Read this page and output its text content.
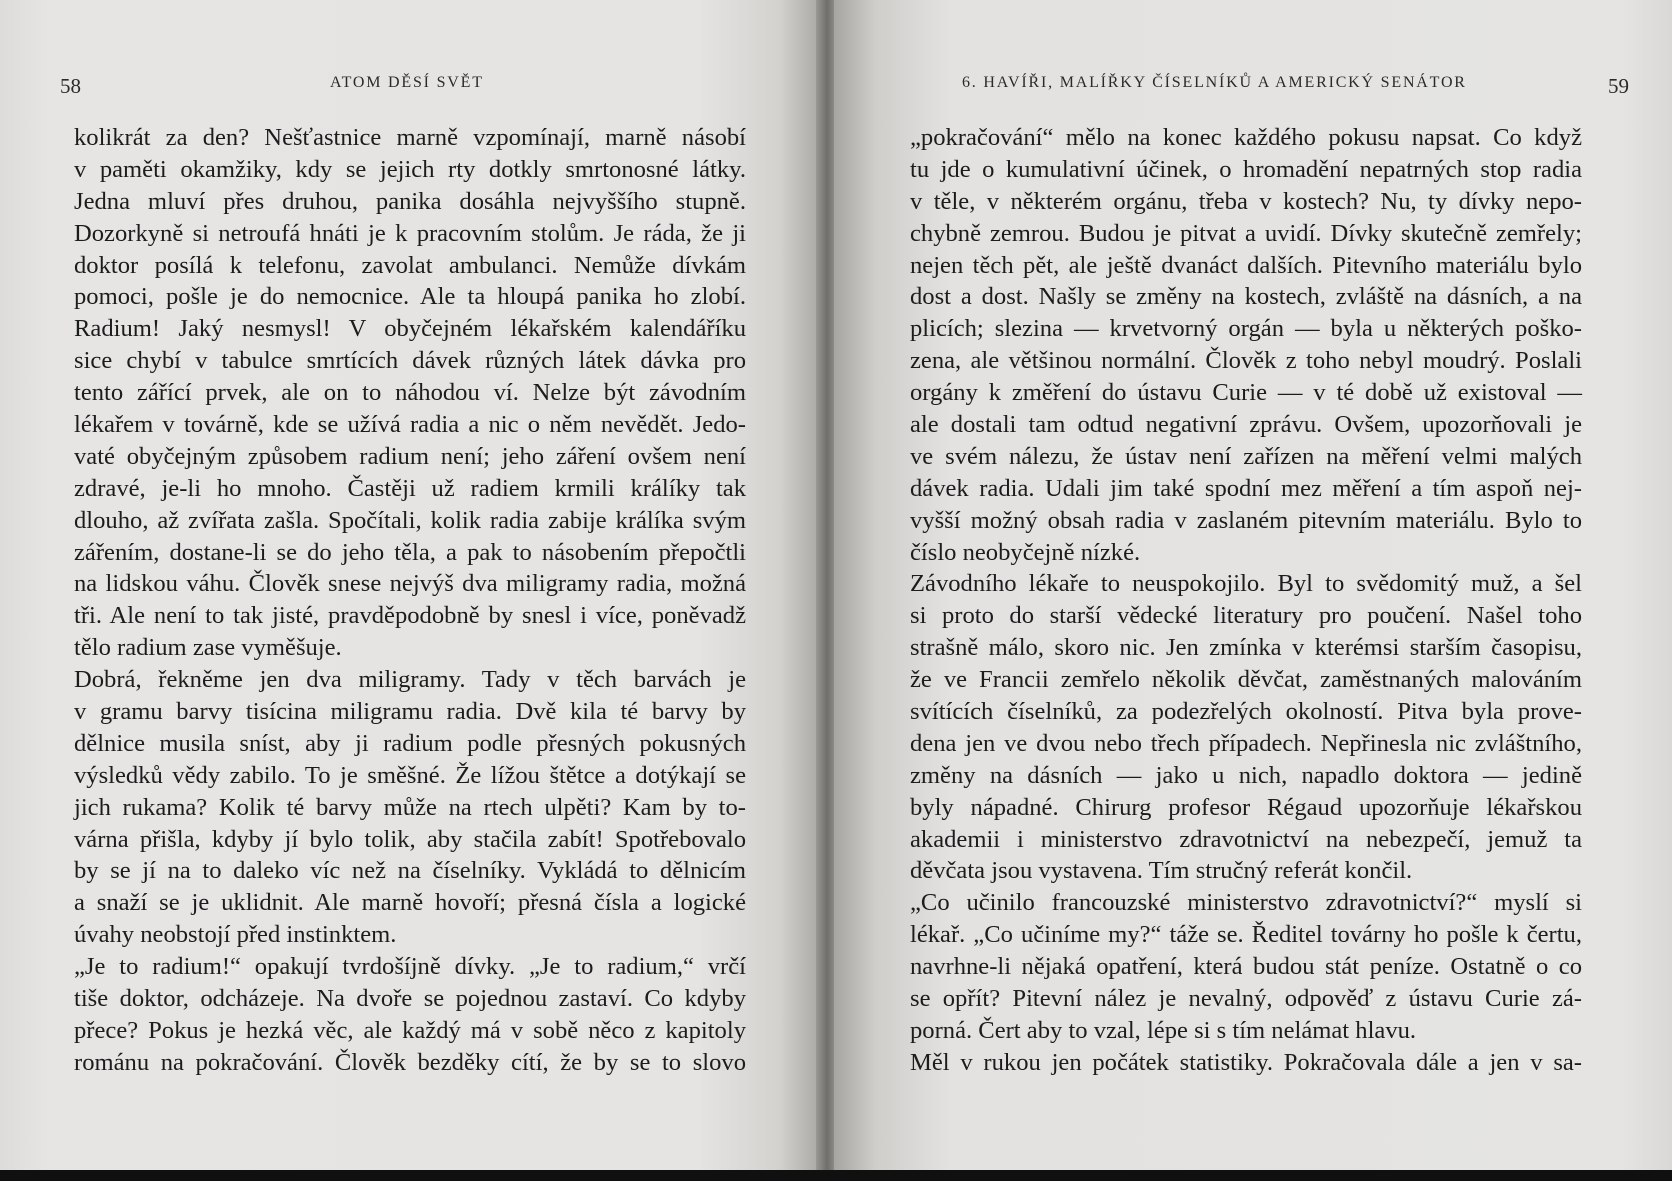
58	ATOM DĚSÍ SVĚT
kolikrát za den? Nešťastnice marně vzpomínají, marně násobí
v paměti okamžiky, kdy se jejich rty dotkly smrtonosné látky.
Jedna mluví přes druhou, panika dosáhla nejvyššího stupně.
Dozorkyně si netroufá hnáti je k pracovním stolům. Je ráda, že ji
doktor posílá k telefonu, zavolat ambulanci. Nemůže dívkám
pomoci, pošle je do nemocnice. Ale ta hloupá panika ho zlobí.
Radium! Jaký nesmysl! V obyčejném lékařském kalendáříku
sice chybí v tabulce smrtících dávek různých látek dávka pro
tento zářící prvek, ale on to náhodou ví. Nelze být závodním
lékařem v továrně, kde se užívá radia a nic o něm nevědět. Jedo-
vaté obyčejným způsobem radium není; jeho záření ovšem není
zdravé, je-li ho mnoho. Častěji už radiem krmili králíky tak
dlouho, až zvířata zašla. Spočítali, kolik radia zabije králíka svým
zářením, dostane-li se do jeho těla, a pak to násobením přepočtli
na lidskou váhu. Člověk snese nejvýš dva miligramy radia, možná
tři. Ale není to tak jisté, pravděpodobně by snesl i více, poněvadž
tělo radium zase vyměšuje.
Dobrá, řekněme jen dva miligramy. Tady v těch barvách je
v gramu barvy tisícina miligramu radia. Dvě kila té barvy by
dělnice musila sníst, aby ji radium podle přesných pokusných
výsledků vědy zabilo. To je směšné. Že lížou štětce a dotýkají se
jich rukama? Kolik té barvy může na rtech ulpěti? Kam by to-
várna přišla, kdyby jí bylo tolik, aby stačila zabít! Spotřebovalo
by se jí na to daleko víc než na číselníky. Vykládá to dělnicím
a snaží se je uklidnit. Ale marně hovoří; přesná čísla a logické
úvahy neobstojí před instinktem.
„Je to radium!“ opakují tvrdošíjně dívky. „Je to radium,“ vrčí
tiše doktor, odcházeje. Na dvoře se pojednou zastaví. Co kdyby
přece? Pokus je hezká věc, ale každý má v sobě něco z kapitoly
románu na pokračování. Člověk bezděky cítí, že by se to slovo
6. HAVÍŘI, MALÍŘKY ČÍSELNÍKŮ A AMERICKÝ SENÁTOR	59
„pokračování“ mělo na konec každého pokusu napsat. Co když
tu jde o kumulativní účinek, o hromadění nepatrných stop radia
v těle, v některém orgánu, třeba v kostech? Nu, ty dívky nepo-
chybně zemrou. Budou je pitvat a uvidí. Dívky skutečně zemřely;
nejen těch pět, ale ještě dvanáct dalších. Pitevního materiálu bylo
dost a dost. Našly se změny na kostech, zvláště na dásních, a na
plicích; slezina — krvetvorný orgán — byla u některých poško-
zena, ale většinou normální. Člověk z toho nebyl moudrý. Poslali
orgány k změření do ústavu Curie — v té době už existoval —
ale dostali tam odtud negativní zprávu. Ovšem, upozorňovali je
ve svém nálezu, že ústav není zařízen na měření velmi malých
dávek radia. Udali jim také spodní mez měření a tím aspoň nej-
vyšší možný obsah radia v zaslaném pitevním materiálu. Bylo to
číslo neobyčejně nízké.
Závodního lékaře to neuspokojilo. Byl to svědomitý muž, a šel
si proto do starší vědecké literatury pro poučení. Našel toho
strašně málo, skoro nic. Jen zmínka v kterémsi starším časopisu,
že ve Francii zemřelo několik děvčat, zaměstnaných malováním
svítících číselníků, za podezřelých okolností. Pitva byla prove-
dena jen ve dvou nebo třech případech. Nepřinesla nic zvláštního,
změny na dásních — jako u nich, napadlo doktora — jedině
byly nápadné. Chirurg profesor Régaud upozorňuje lékařskou
akademii i ministerstvo zdravotnictví na nebezpečí, jemuž ta
děvčata jsou vystavena. Tím stručný referát končil.
„Co učinilo francouzské ministerstvo zdravotnictví?“ myslí si
lékař. „Co učiníme my?“ táže se. Ředitel továrny ho pošle k čertu,
navrhne-li nějaká opatření, která budou stát peníze. Ostatně o co
se opřít? Pitevní nález je nevalný, odpověď z ústavu Curie zá-
porná. Čert aby to vzal, lépe si s tím nelámat hlavu.
Měl v rukou jen počátek statistiky. Pokračovala dále a jen v sa-
